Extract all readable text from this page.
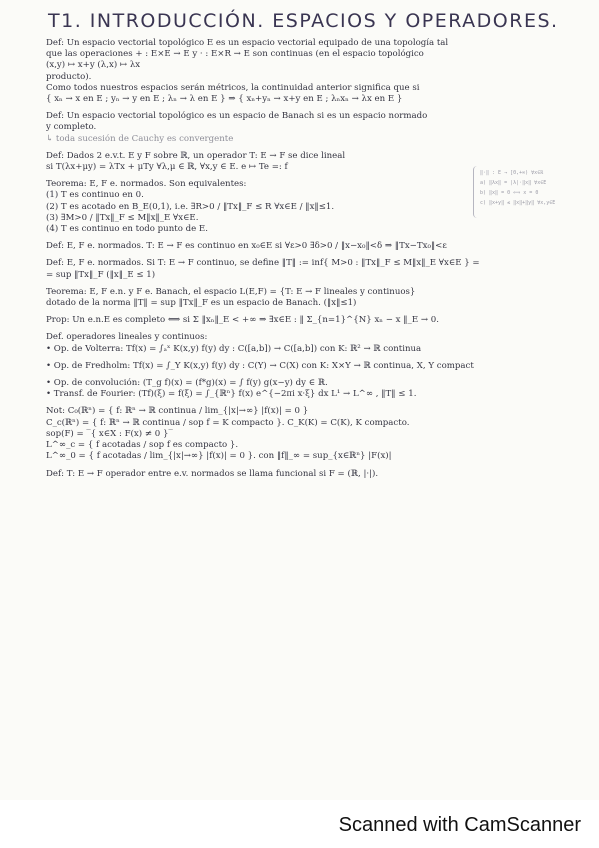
T1. INTRODUCCIÓN. ESPACIOS Y OPERADORES.
Def: Un espacio vectorial topológico E es un espacio vectorial equipado de una topología tal
que las operaciones + : E×E → E y · : E×R → E son continuas (en el espacio topológico
(x,y) ↦ x+y (λ,x) ↦ λx
producto).
Como todos nuestros espacios serán métricos, la continuidad anterior significa que si
{ xₙ → x en E ; yₙ → y en E ; λₙ → λ en E } ⇒ { xₙ+yₙ → x+y en E ; λₙxₙ → λx en E }
Def: Un espacio vectorial topológico es un espacio de Banach si es un espacio normado
y completo.
↳ toda sucesión de Cauchy es convergente
Def: Dados 2 e.v.t. E y F sobre ℝ, un operador T: E → F se dice lineal
si T(λx+μy) = λTx + μTy ∀λ,μ ∈ ℝ, ∀x,y ∈ E. e ↦ Te =: f
Teorema: E, F e. normados. Son equivalentes:
(1) T es continuo en 0.
(2) T es acotado en B_E(0,1), i.e. ∃R>0 / ‖Tx‖_F ≤ R ∀x∈E / ‖x‖≤1.
(3) ∃M>0 / ‖Tx‖_F ≤ M‖x‖_E ∀x∈E.
(4) T es continuo en todo punto de E.
Def: E, F e. normados. T: E → F es continuo en x₀∈E si ∀ε>0 ∃δ>0 / ‖x−x₀‖<δ ⇒ ‖Tx−Tx₀‖<ε
Def: E, F e. normados. Si T: E → F continuo, se define ‖T‖ := inf{ M>0 : ‖Tx‖_F ≤ M‖x‖_E ∀x∈E } =
= sup ‖Tx‖_F (‖x‖_E ≤ 1)
Teorema: E, F e.n. y F e. Banach, el espacio L(E,F) = {T: E → F lineales y continuos}
dotado de la norma ‖T‖ = sup ‖Tx‖_F es un espacio de Banach. (‖x‖≤1)
Prop: Un e.n.E es completo ⟺ si Σ ‖xₙ‖_E < +∞ ⇒ ∃x∈E : ‖ Σ_{n=1}^{N} xₙ − x ‖_E → 0.
Def. operadores lineales y continuos:
• Op. de Volterra: Tf(x) = ∫ₐˣ K(x,y) f(y) dy : C([a,b]) → C([a,b]) con K: ℝ² → ℝ continua
• Op. de Fredholm: Tf(x) = ∫_Y K(x,y) f(y) dy : C(Y) → C(X) con K: X×Y → ℝ continua, X, Y compact
• Op. de convolución: (T_g f)(x) = (f*g)(x) = ∫ f(y) g(x−y) dy ∈ ℝ.
• Transf. de Fourier: (Tf)(ξ) = f̂(ξ) = ∫_{ℝⁿ} f(x) e^{−2πi x·ξ} dx L¹ → L^∞ , ‖T‖ ≤ 1.
Not: C₀(ℝⁿ) = { f: ℝⁿ → ℝ continua / lim_{|x|→∞} |f(x)| = 0 }
C_c(ℝⁿ) = { f: ℝⁿ → ℝ continua / sop f = K compacto }. C_K(K) = C(K), K compacto.
sop(F) = ‾{ x∈X : F(x) ≠ 0 }‾
L^∞_c = { f acotadas / sop f es compacto }.
L^∞_0 = { f acotadas / lim_{|x|→∞} |f(x)| = 0 }. con ‖f‖_∞ = sup_{x∈ℝⁿ} |F(x)|
Def: T: E → F operador entre e.v. normados se llama funcional si F = (ℝ, |·|).
‖·‖ : E → [0,+∞) ∀x∈ℝ
a) ‖λx‖ = |λ|·‖x‖ ∀x∈E
b) ‖x‖ = 0 ⟺ x = 0
c) ‖x+y‖ ≤ ‖x‖+‖y‖ ∀x,y∈E
Scanned with CamScanner
